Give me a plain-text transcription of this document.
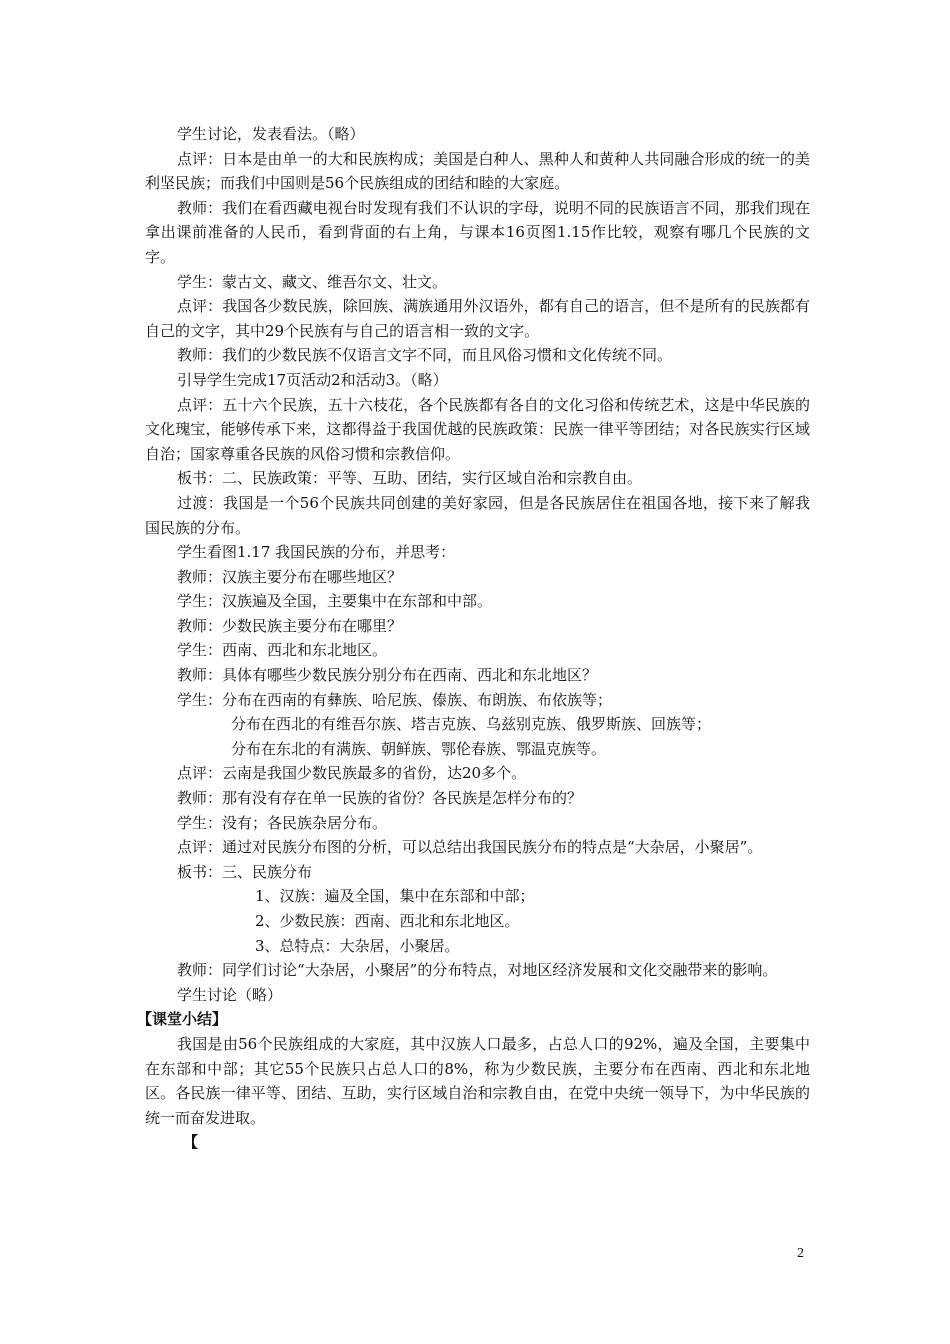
学生讨论，发表看法。（略）

点评：日本是由单一的大和民族构成；美国是白种人、黑种人和黄种人共同融合形成的统一的美利坚民族；而我们中国则是56个民族组成的团结和睦的大家庭。

教师：我们在看西藏电视台时发现有我们不认识的字母，说明不同的民族语言不同，那我们现在拿出课前准备的人民币，看到背面的右上角，与课本16页图1.15作比较，观察有哪几个民族的文字。

学生：蒙古文、藏文、维吾尔文、壮文。

点评：我国各少数民族，除回族、满族通用外汉语外，都有自己的语言，但不是所有的民族都有自己的文字，其中29个民族有与自己的语言相一致的文字。

教师：我们的少数民族不仅语言文字不同，而且风俗习惯和文化传统不同。

引导学生完成17页活动2和活动3。（略）

点评：五十六个民族，五十六枝花，各个民族都有各自的文化习俗和传统艺术，这是中华民族的文化瑰宝，能够传承下来，这都得益于我国优越的民族政策：民族一律平等团结；对各民族实行区域自治；国家尊重各民族的风俗习惯和宗教信仰。

板书：二、民族政策：平等、互助、团结，实行区域自治和宗教自由。

过渡：我国是一个56个民族共同创建的美好家园，但是各民族居住在祖国各地，接下来了解我国民族的分布。

学生看图1.17 我国民族的分布，并思考：

教师：汉族主要分布在哪些地区？

学生：汉族遍及全国，主要集中在东部和中部。

教师：少数民族主要分布在哪里？

学生：西南、西北和东北地区。

教师：具体有哪些少数民族分别分布在西南、西北和东北地区？

学生：分布在西南的有彝族、哈尼族、傣族、布朗族、布依族等；

分布在西北的有维吾尔族、塔吉克族、乌兹别克族、俄罗斯族、回族等；

分布在东北的有满族、朝鲜族、鄂伦春族、鄂温克族等。

点评：云南是我国少数民族最多的省份，达20多个。

教师：那有没有存在单一民族的省份？各民族是怎样分布的？

学生：没有；各民族杂居分布。

点评：通过对民族分布图的分析，可以总结出我国民族分布的特点是“大杂居，小聚居”。

板书：三、民族分布

1、汉族：遍及全国，集中在东部和中部；

2、少数民族：西南、西北和东北地区。

3、总特点：大杂居，小聚居。

教师：同学们讨论“大杂居，小聚居”的分布特点，对地区经济发展和文化交融带来的影响。

学生讨论（略）

【课堂小结】

我国是由56个民族组成的大家庭，其中汉族人口最多，占总人口的92%，遍及全国，主要集中在东部和中部；其它55个民族只占总人口的8%，称为少数民族，主要分布在西南、西北和东北地区。各民族一律平等、团结、互助，实行区域自治和宗教自由，在党中央统一领导下，为中华民族的统一而奋发进取。

【

2
